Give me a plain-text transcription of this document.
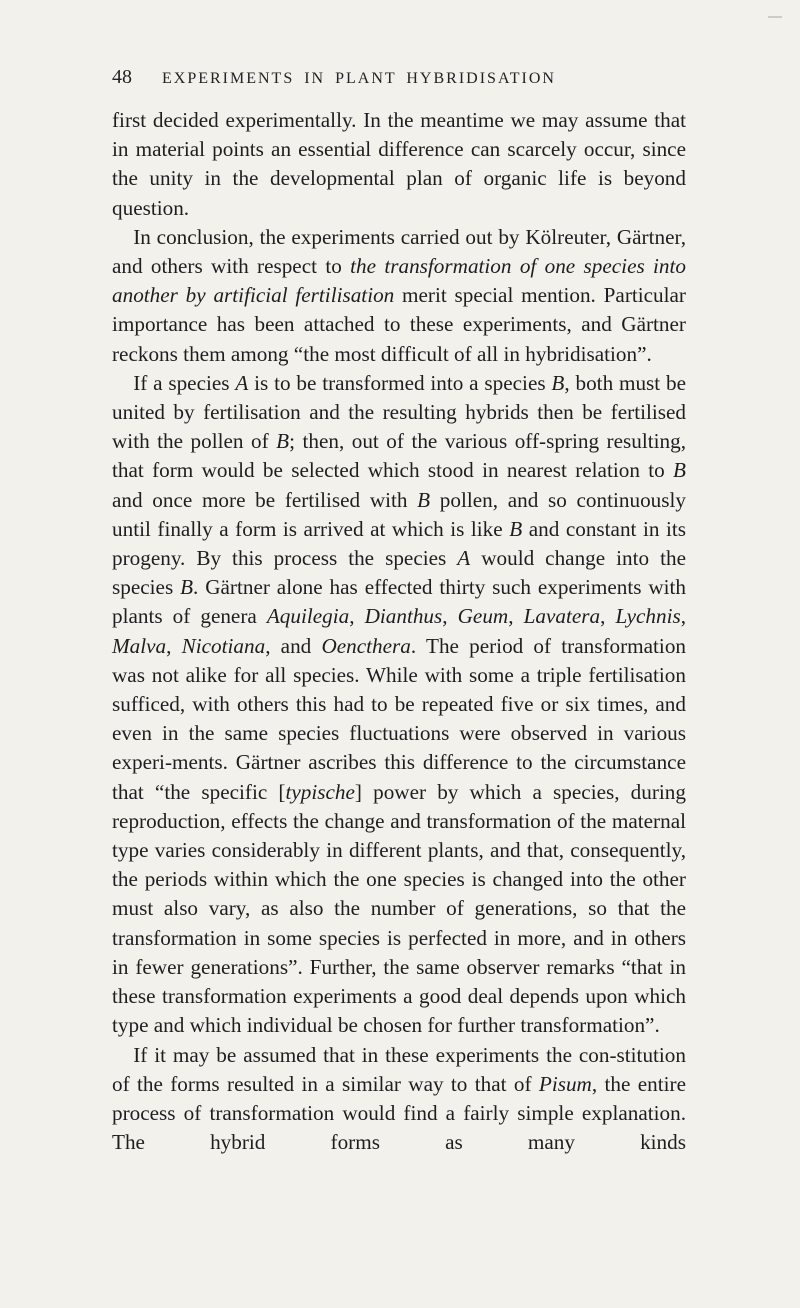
48 EXPERIMENTS IN PLANT HYBRIDISATION

first decided experimentally. In the meantime we may assume that in material points an essential difference can scarcely occur, since the unity in the developmental plan of organic life is beyond question.

 In conclusion, the experiments carried out by Kölreuter, Gärtner, and others with respect to the transformation of one species into another by artificial fertilisation merit special mention. Particular importance has been attached to these experiments, and Gärtner reckons them among “the most difficult of all in hybridisation”.

 If a species A is to be transformed into a species B, both must be united by fertilisation and the resulting hybrids then be fertilised with the pollen of B; then, out of the various off-spring resulting, that form would be selected which stood in nearest relation to B and once more be fertilised with B pollen, and so continuously until finally a form is arrived at which is like B and constant in its progeny. By this process the species A would change into the species B. Gärtner alone has effected thirty such experiments with plants of genera Aquilegia, Dianthus, Geum, Lavatera, Lychnis, Malva, Nicotiana, and Oencthera. The period of transformation was not alike for all species. While with some a triple fertilisation sufficed, with others this had to be repeated five or six times, and even in the same species fluctuations were observed in various experi-ments. Gärtner ascribes this difference to the circumstance that “the specific [typische] power by which a species, during reproduction, effects the change and transformation of the maternal type varies considerably in different plants, and that, consequently, the periods within which the one species is changed into the other must also vary, as also the number of generations, so that the transformation in some species is perfected in more, and in others in fewer generations”. Further, the same observer remarks “that in these transformation experiments a good deal depends upon which type and which individual be chosen for further transformation”.

 If it may be assumed that in these experiments the con-stitution of the forms resulted in a similar way to that of Pisum, the entire process of transformation would find a fairly simple explanation. The hybrid forms as many kinds
